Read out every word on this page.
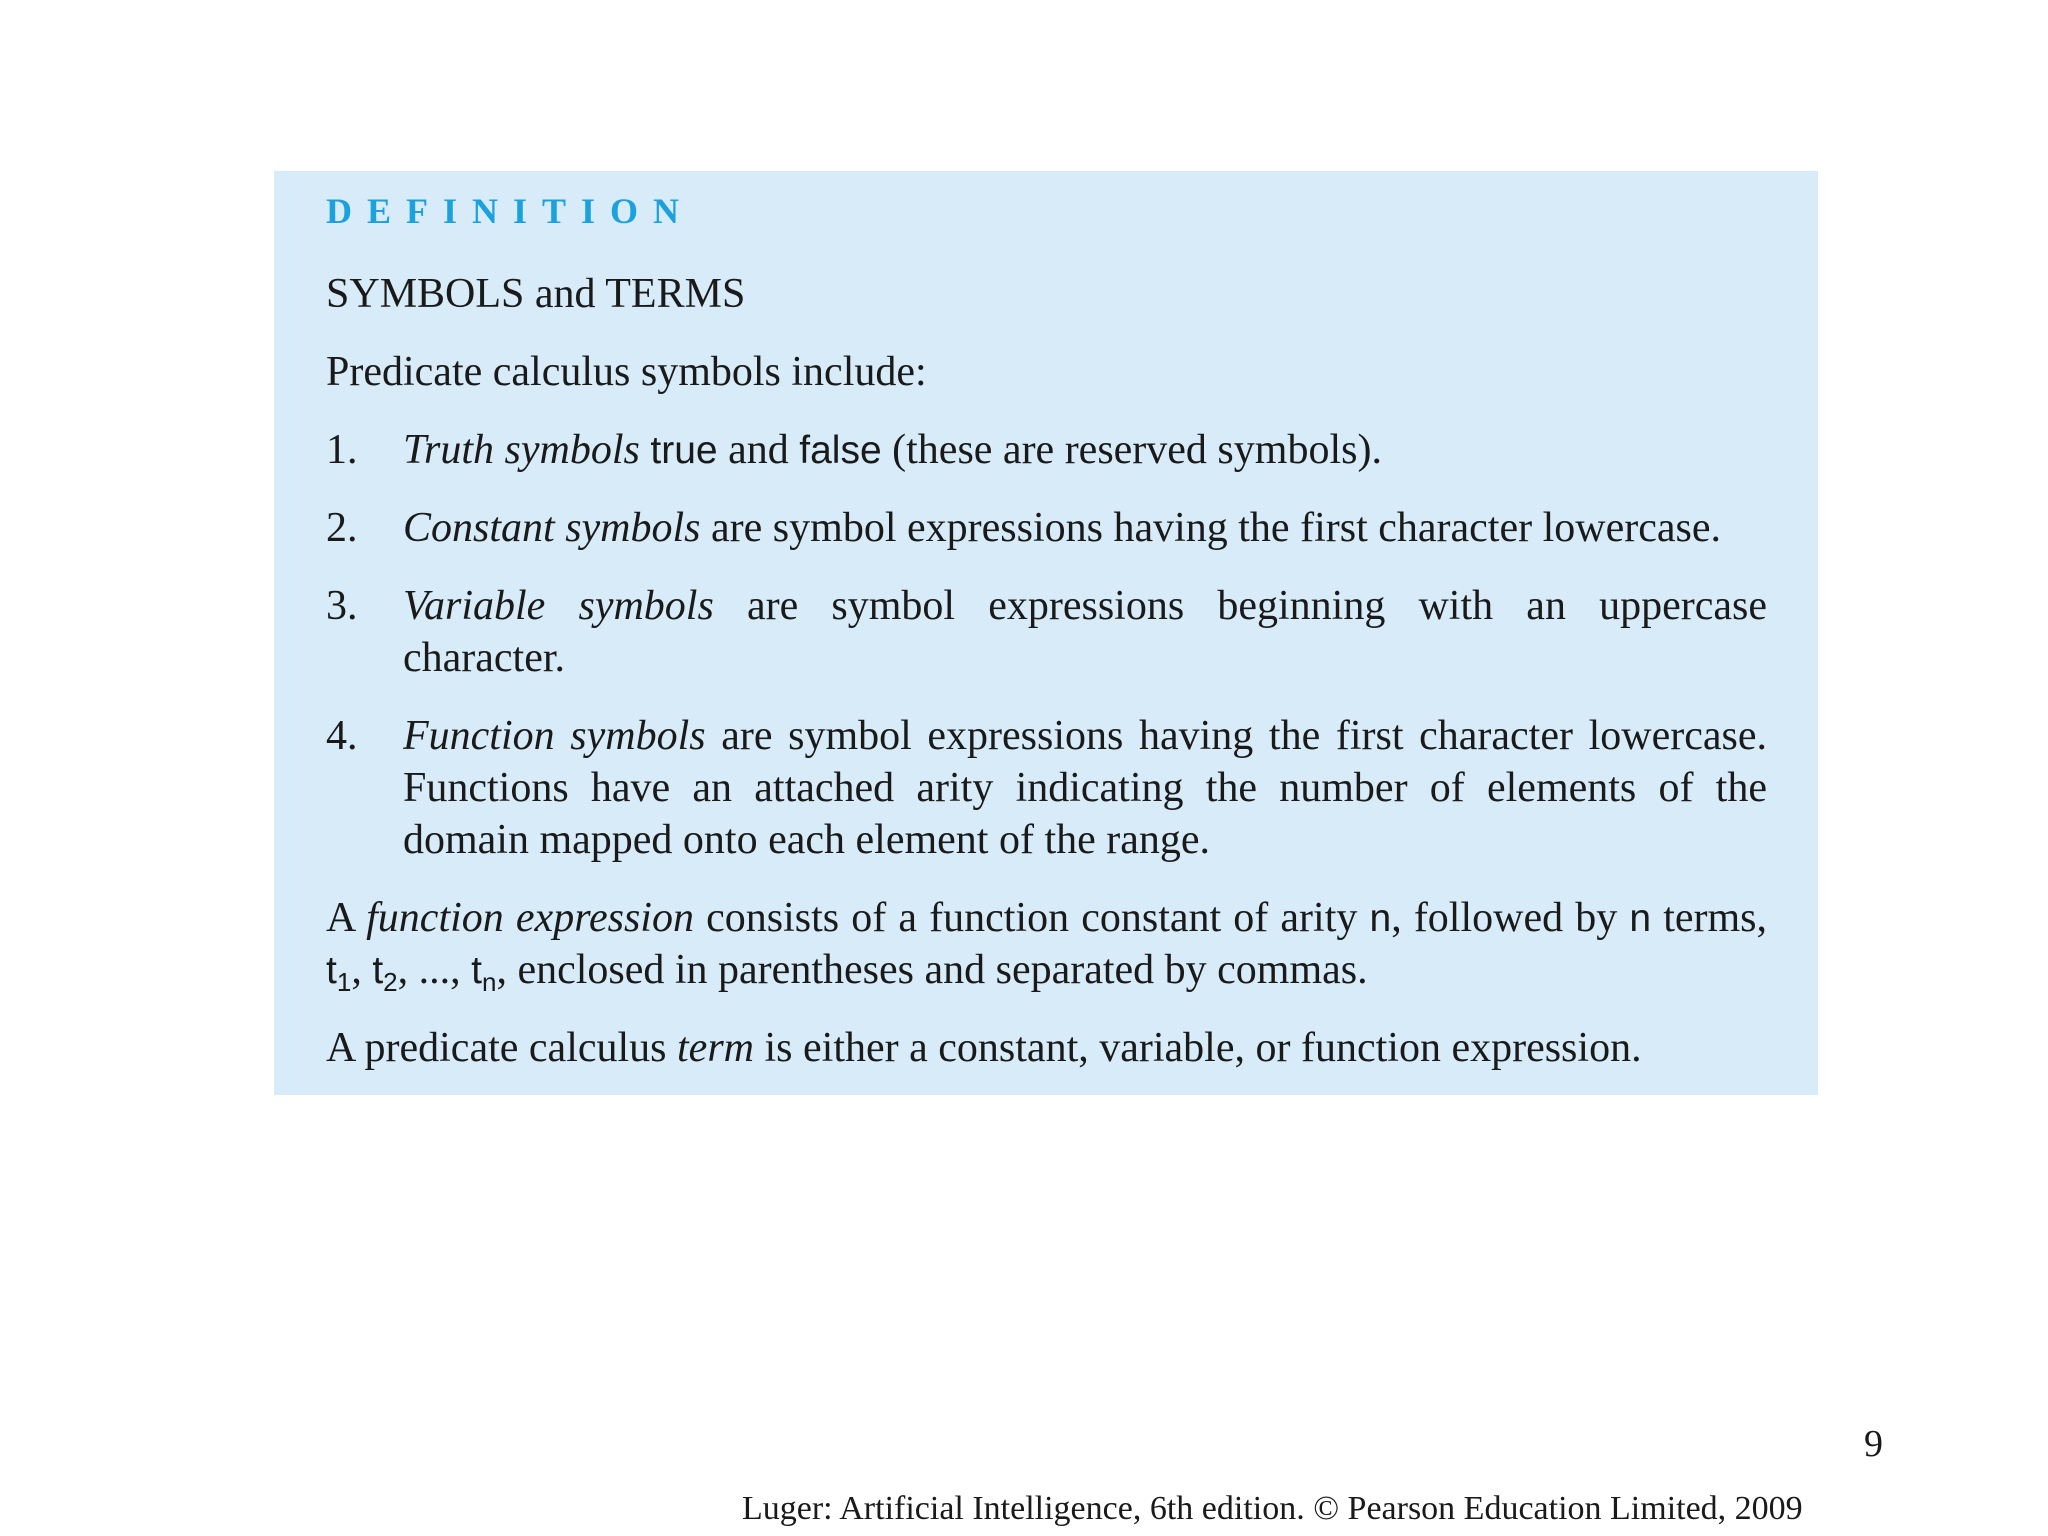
DEFINITION
SYMBOLS and TERMS
Predicate calculus symbols include:
1. Truth symbols true and false (these are reserved symbols).
2. Constant symbols are symbol expressions having the first character lowercase.
3. Variable symbols are symbol expressions beginning with an uppercase
character.
4. Function symbols are symbol expressions having the first character lowercase.
Functions have an attached arity indicating the number of elements of the
domain mapped onto each element of the range.
A function expression consists of a function constant of arity n, followed by n terms,
$t_1$, $t_2$, ..., $t_n$, enclosed in parentheses and separated by commas.
A predicate calculus term is either a constant, variable, or function expression.
9
Luger: Artificial Intelligence, 6th edition. © Pearson Education Limited, 2009
